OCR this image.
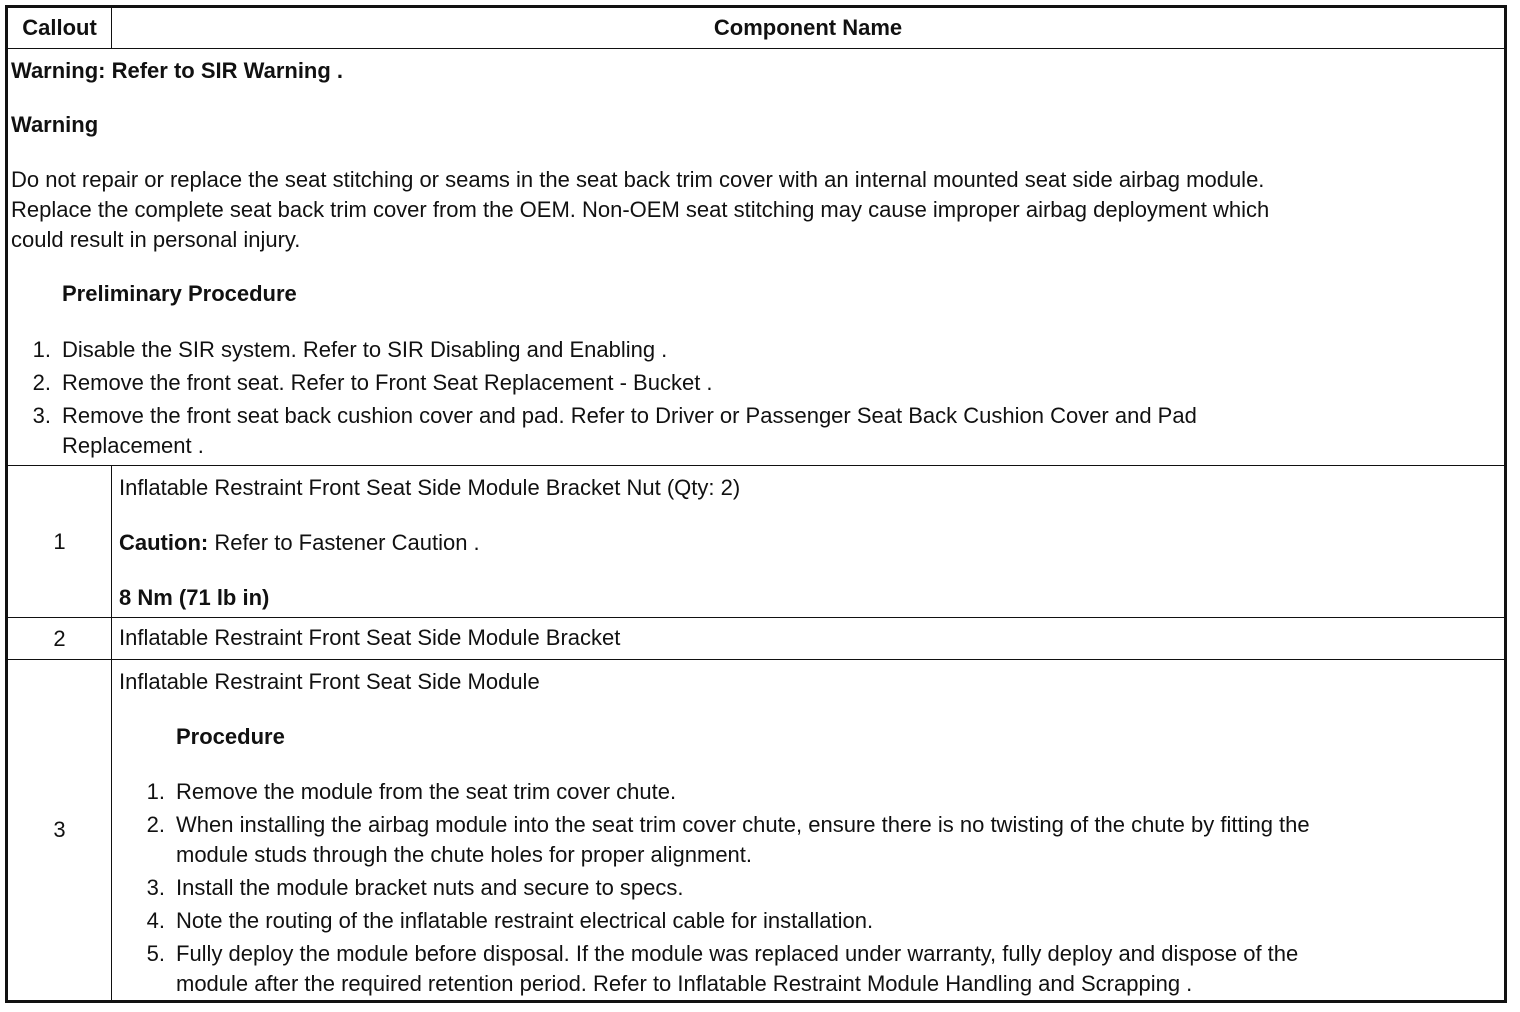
Callout	Component Name

Warning: Refer to SIR Warning .

Warning

Do not repair or replace the seat stitching or seams in the seat back trim cover with an internal mounted seat side airbag module.

Replace the complete seat back trim cover from the OEM. Non-OEM seat stitching may cause improper airbag deployment which

could result in personal injury.

Preliminary Procedure

1. Disable the SIR system. Refer to SIR Disabling and Enabling .
2. Remove the front seat. Refer to Front Seat Replacement - Bucket .
3. Remove the front seat back cushion cover and pad. Refer to Driver or Passenger Seat Back Cushion Cover and Pad
Replacement .
1

Inflatable Restraint Front Seat Side Module Bracket Nut (Qty: 2)

Caution: Refer to Fastener Caution .

8 Nm (71 lb in)

2	Inflatable Restraint Front Seat Side Module Bracket

3

Inflatable Restraint Front Seat Side Module

Procedure

1. Remove the module from the seat trim cover chute.
2. When installing the airbag module into the seat trim cover chute, ensure there is no twisting of the chute by fitting the
module studs through the chute holes for proper alignment.
3. Install the module bracket nuts and secure to specs.
4. Note the routing of the inflatable restraint electrical cable for installation.
5. Fully deploy the module before disposal. If the module was replaced under warranty, fully deploy and dispose of the
module after the required retention period. Refer to Inflatable Restraint Module Handling and Scrapping .
